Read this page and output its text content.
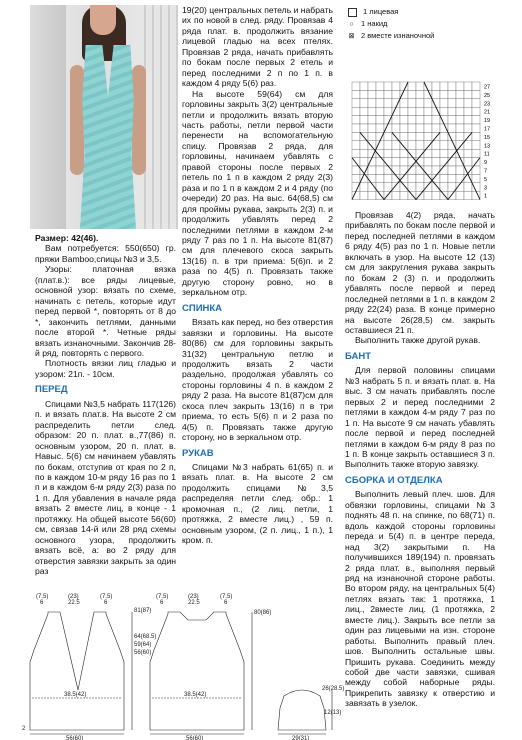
Размер: 42(46).

Вам потребуется: 550(650) гр. пряжи Bamboo,спицы №3 и 3,5.

Узоры: платочная вязка (плат.в.): все ряды лицевые, основной узор: вязать по схеме, начинать с петель, которые идут перед первой *, повторять от 8 до *, закончить петлями, данными после второй *. Четные ряды вязать изнаночными. Закончив 28-й ряд, повторять с первого.

Плотность вязки лиц гладью и узором: 21п. - 10см.

ПЕРЕД

Спицами №3,5 набрать 117(126) п. и вязать плат.в. На высоте 2 см распределить петли след. образом: 20 п. плат. в.,77(86) п. основным узором, 20 п. плат. в. Навыс. 5(6) см начинаем убавлять по бокам, отступив от края по 2 п, по в каждом 10-м ряду 16 раз по 1 п и в каждом 6-м ряду 2(3) раза по 1 п. Для убавления в начале ряда вязать 2 вместе лиц, в конце - 1 протяжку. На общей высоте 56(60) см, связав 14-й или 28 ряд схемы основного узора, продолжить вязать всё, а: во 2 ряду для отверстия завязки закрыть за один раз

19(20) центральных петель и набрать их по новой в след. ряду. Провязав 4 ряда плат. в. продолжить вязание лицевой гладью на всех птелях. Провязав 2 ряда, начать прибавлять по бокам после первых 2 етель и перед последними 2 п по 1 п. в каждом 4 ряду 5(6) раз.

На высоте 59(64) см для горловины закрыть 3(2) центральные петли и продолжить вязать вторую часть работы, петли первой части перенести на вспомогательную спицу. Провязав 2 ряда, для горловины, начинаем убавлять с правой стороны после первых 2 петель по 1 п в каждом 2 ряду 2(3) раза и по 1 п в каждом 2 и 4 ряду (по очереди) 20 раз. На выс. 64(68,5) см для проймы рукава, закрыть 2(3) п. и продолжить убавлять перед 2 последними петлями в каждом 2-м ряду 7 раз по 1 п. На высоте 81(87) см для плечевого скоса закрыть 13(16) п. в три приема: 5(6)п. и 2 раза по 4(5) п. Провязать также другую сторону ровно, но в зеркальном отр.

СПИНКА

Вязать как перед, но без отверстия завязки и горловины. На высоте 80(86) см для горловины закрыть 31(32) центральную петлю и продолжить вязать 2 части раздельно, продолжая убавлять со стороны горловины 4 п. в каждом 2 ряду 2 раза. На высоте 81(87)см для скоса плеч закрыть 13(16) п в три приема, то есть 5(6) п и 2 раза по 4(5) п. Провязать также другую сторону, но в зеркальном отр.

РУКАВ

Спицами №3 набрать 61(65) п. и вязать плат. в. На высоте 2 см продолжить спицами №3,5 распределяя петли след. обр.: 1 кромочная п., (2 лиц. петли, 1 протяжка, 2 вместе лиц.) , 59 п. основным узором, (2 п. лиц., 1 п.), 1 кром. п.

1 лицевая
○ 1 накид
⊠ 2 вместе изнаночной
27
25
23
21
19
17
15
13
11
9
7
5
3
1

Провязав 4(2) ряда, начать прибавлять по бокам после первой и перед последней петлями в каждом 6 ряду 4(5) раз по 1 п. Новые петли включать в узор. На высоте 12 (13) см для закругления рукава закрыть по бокам 2 (3) п. и продолжить убавлять после первой и перед последней петлями в 1 п. в каждом 2 ряду 22(24) раза. В конце примерно на высоте 26(28,5) см. закрыть оставшиеся 21 п.

Выполнить также другой рукав.

БАНТ

Для первой половины спицами №3 набрать 5 п. и вязать плат. в. На выс. 3 см начать прибавлять после первых 2 и перед последними 2 петлями в каждом 4-м ряду 7 раз по 1 п. На высоте 9 см начать убавлять после первой и перед последней петлями в каждом 6-м ряду 8 раз по 1 п. В конце закрыть оставшиеся 3 п. Выполнить также вторую завязку.

СБОРКА И ОТДЕЛКА

Выполнить левый плеч. шов. Для обвязки горловины, спицами №3 поднять 48 п. на спинке, по 68(71) п. вдоль каждой стороны горловины переда и 5(4) п. в центре переда, над 3(2) закрытыми п. На получившихся 189(194) п. провязать 2 ряда плат. в., выполняя первый ряд на изнаночной стороне работы. Во втором ряду, на центральных 5(4) петлях вязать так: 1 протяжка, 1 лиц., 2вместе лиц. (1 протяжка, 2 вместе лиц.). Закрыть все петли за один раз лицевыми на изн. стороне работы. Выполнить правый плеч. шов. Выполнить остальные швы. Пришить рукава. Соединить между собой две части завязки, сшивая между собой наборные ряды. Прикрепить завязку к отверстию и завязать в узелок.

(7.5)
6
(23)
22.5
(7.5)
6
81(87)
64(68.5)
59(64)
56(60)
38.5(42)
56(60)
2
(7.5)
6
(23)
22.5
(7.5)
6
80(86)
38.5(42)
56(60)
26(28.5)
12(13)
29(31)
